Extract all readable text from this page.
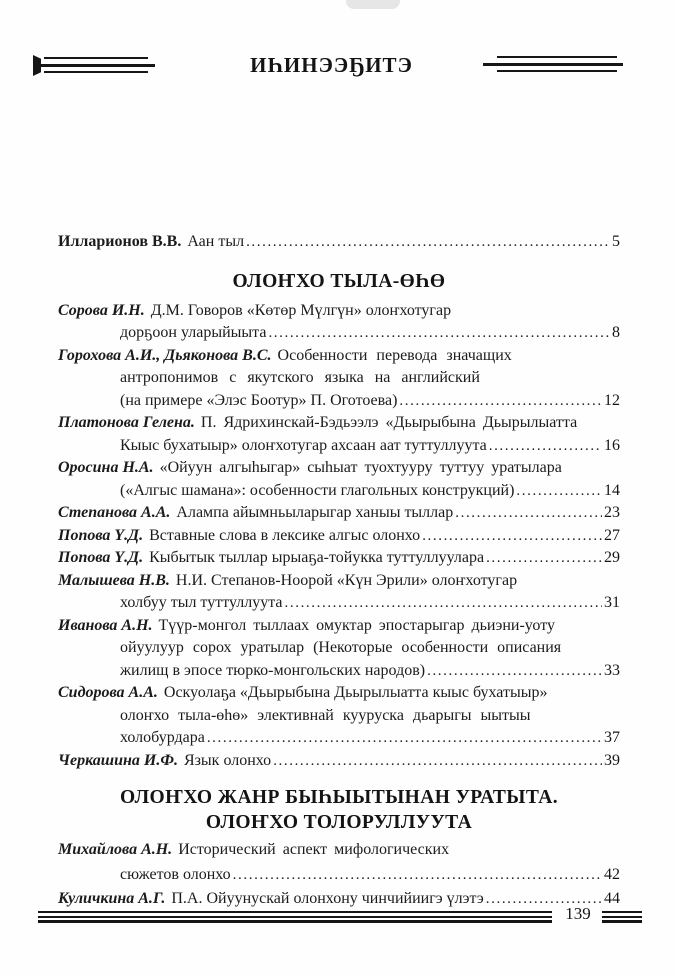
ИҺИНЭЭҔИТЭ
Илларионов В.В. Аан тыл .....	5
ОЛОҤХО ТЫЛА-ӨҺӨ
Сорова И.Н. Д.М. Говоров «Көтөр Мүлгүн» олоҥхотугар
дорҕоон уларыйыыта .....	8
Горохова А.И., Дьяконова В.С. Особенности перевода значащих
антропонимов с якутского языка на английский
(на примере «Элэс Боотур» П. Оготоева) .....	12
Платонова Гелена. П. Ядрихинскай-Бэдьээлэ «Дьырыбына Дьырылыатта
Кыыс бухатыыр» олоҥхотугар ахсаан аат туттуллуута .....	16
Оросина Н.А. «Ойуун алгыһыгар» сыһыат туохтууру туттуу уратылара
(«Алгыс шамана»: особенности глагольных конструкций) .....	14
Степанова А.А. Алампа айымньыларыгар ханыы тыллар .....	23
Попова Ү.Д. Вставные слова в лексике алгыс олонхо .....	27
Попова Ү.Д. Кыбытык тыллар ырыаҕа-тойукка туттуллуулара .....	29
Малышева Н.В. Н.И. Степанов-Ноорой «Күн Эрили» олоҥхотугар
холбуу тыл туттуллуута .....	31
Иванова А.Н. Түүр-монгол тыллаах омуктар эпостарыгар дьиэни-уоту
ойуулуур сорох уратылар (Некоторые особенности описания
жилищ в эпосе тюрко-монгольских народов) .....	33
Сидорова А.А. Оскуолаҕа «Дьырыбына Дьырылыатта кыыс бухатыыр»
олоҥхо тыла-өһө» элективнай кууруска дьарыгы ыытыы
холобурдара .....	37
Черкашина И.Ф. Язык олонхо .....	39
ОЛОҤХО ЖАНР БЫҺЫЫТЫНАН УРАТЫТА.
ОЛОҤХО ТОЛОРУЛЛУУТА
Михайлова А.Н. Исторический аспект мифологических
сюжетов олонхо .....	42
Куличкина А.Г. П.А. Ойуунускай олонхону чинчийиигэ үлэтэ .....	44
139
